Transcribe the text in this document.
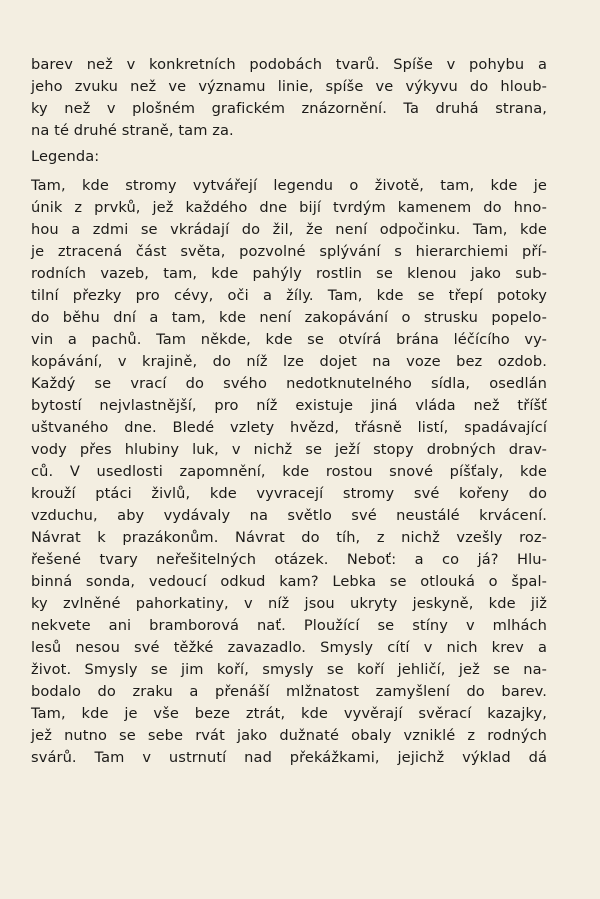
barev než v konkretních podobách tvarů. Spíše v pohybu a
jeho zvuku než ve významu linie, spíše ve výkyvu do hloub-
ky než v plošném grafickém znázornění. Ta druhá strana,
na té druhé straně, tam za.
Legenda:
Tam, kde stromy vytvářejí legendu o životě, tam, kde je
únik z prvků, jež každého dne bijí tvrdým kamenem do hno-
hou a zdmi se vkrádají do žil, že není odpočinku. Tam, kde
je ztracená část světa, pozvolné splývání s hierarchiemi pří-
rodních vazeb, tam, kde pahýly rostlin se klenou jako sub-
tilní přezky pro cévy, oči a žíly. Tam, kde se třepí potoky
do běhu dní a tam, kde není zakopávání o strusku popelo-
vin a pachů. Tam někde, kde se otvírá brána léčícího vy-
kopávání, v krajině, do níž lze dojet na voze bez ozdob.
Každý se vrací do svého nedotknutelného sídla, osedlán
bytostí nejvlastnější, pro níž existuje jiná vláda než tříšť
uštvaného dne. Bledé vzlety hvězd, třásně listí, spadávající
vody přes hlubiny luk, v nichž se ježí stopy drobných drav-
ců. V usedlosti zapomnění, kde rostou snové píšťaly, kde
krouží ptáci živlů, kde vyvracejí stromy své kořeny do
vzduchu, aby vydávaly na světlo své neustálé krvácení.
Návrat k prazákonům. Návrat do tíh, z nichž vzešly roz-
řešené tvary neřešitelných otázek. Neboť: a co já? Hlu-
binná sonda, vedoucí odkud kam? Lebka se otlouká o špal-
ky zvlněné pahorkatiny, v níž jsou ukryty jeskyně, kde již
nekvete ani bramborová nať. Ploužící se stíny v mlhách
lesů nesou své těžké zavazadlo. Smysly cítí v nich krev a
život. Smysly se jim koří, smysly se koří jehličí, jež se na-
bodalo do zraku a přenáší mlžnatost zamyšlení do barev.
Tam, kde je vše beze ztrát, kde vyvěrají svěrací kazajky,
jež nutno se sebe rvát jako dužnaté obaly vzniklé z rodných
svárů. Tam v ustrnutí nad překážkami, jejichž výklad dá
